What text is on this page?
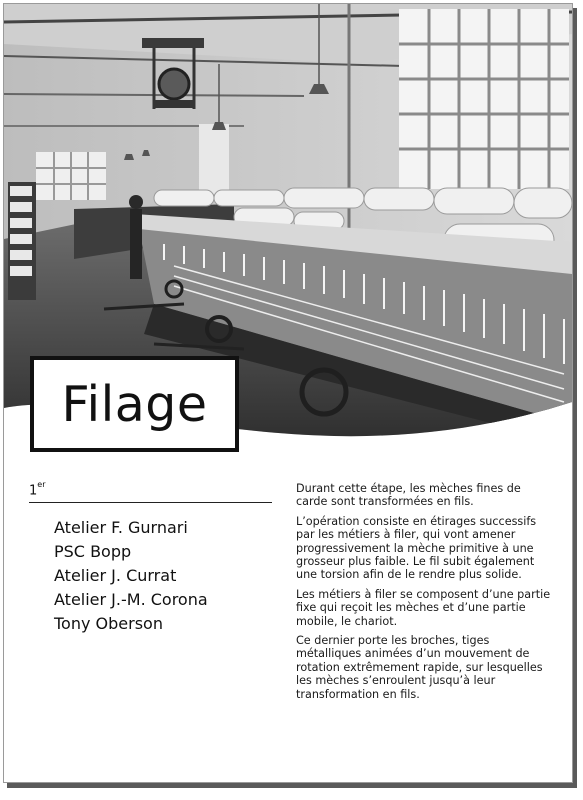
Filage
1er
Atelier F. Gurnari
PSC Bopp
Atelier J. Currat
Atelier J.-M. Corona
Tony Oberson

Durant cette étape, les mèches fines de carde sont transformées en fils.

L’opération consiste en étirages successifs par les métiers à filer, qui vont amener progressivement la mèche primitive à une grosseur plus faible. Le fil subit également une torsion afin de le rendre plus solide.

Les métiers à filer se composent d’une partie fixe qui reçoit les mèches et d’une partie mobile, le chariot.

Ce dernier porte les broches, tiges métalliques animées d’un mouvement de rotation extrêmement rapide, sur lesquelles les mèches s’enroulent jusqu’à leur transformation en fils.
